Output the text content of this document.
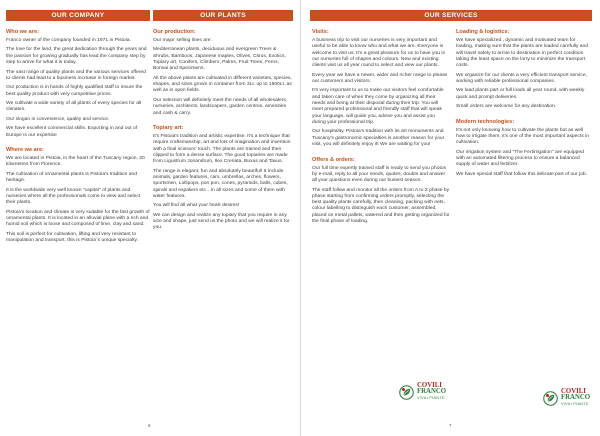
OUR COMPANY
Who we are:

Franco owner of the company founded in 1971 in Pistoia.

The love for the land, the great dedication through the years and the passion for growing gradually has lead the company step by step to arrive for what it is today.

The vast range of quality plants and the various services offered to clients had lead to a business increase in foreign market.

Our production is in hands of highly qualified staff to insure the best quality product with very competitive prices.

We cultivate a wide variety of all plants of every species for all climates.

Our slogan is convenience, quality and service.

We have excellent commercial skills. Exporting in and out of Europe is our expertise

Where we are:

We are located in Pistoia, in the heart of the Tuscany region, 20 kilometres from Florence.

The cultivation of ornamental plants is Pistoia's tradition and heritage.

It is the worldwide very well known "capital" of plants and nurseries where all the professionals come to view and select their plants.

Pistoia's location and climate is very suitable for the fast growth of ornamental plants. It is located in an alluvial plane with a rich and humid soil which is loose and composed of lime, clay and sand.

This soil is perfect for cultivation, lifting and very resistant to manipulation and transport, this is Pistoia`s unique specialty.

OUR PLANTS
Our production:

Our major selling lines are:

Mediterranean plants, deciduous and evergreen Trees & Shrubs, Bamboos, Japanese maples, Olives, Citrus, Exotics, Topiary art, Conifers, Climbers, Palms, Fruit Trees, Ferns, Bonsai and Specimens.

All the above plants are cultivated in different varieties, species, shapes, and sizes grown in container from 3Lt. up to 1500Lt. as well as in open fields.

Our selection will definitely meet the needs of all wholesalers, nurseries, architects, landscapers, garden centres, amenities and cash & carry.

Topiary art:

It's Pistoia's tradition and artistic expertise. It's a technique that require craftsmanship, art and lots of imagination and invention with a final scissors' touch. The plants are trained and then clipped to form a dense surface. The good topiaries are made from Ligustrum Jonandrum, Ilex Crenata, Buxus and Taxus.

The range is elegant, fun and absolutely beautiful! It include animals, garden features, cars, umbrellas, arches, flowers, sportsmen, Lollipops, pon pon, cones, pyramids, balls, cubes, spirals and espaliers etc…in all sizes and some of them with water features.

You will find all what your heart desires!

We can design and realize any topiary that you require in any size and shape, just send us the photo and we will realize it for you.

6
OUR SERVICES
Visits:

A business trip to visit our nurseries is very important and useful to be able to know who and what we are. Everyone is welcome to visit us. It's a great pleasure for us to have you in our nurseries full of shapes and colours. New and existing clients visit us all year round to select and view our plants.

Every year we have a newer, wider and richer range to please our customers and visitors.

It's very important to us to make our visitors feel comfortable and taken care of when they come by organizing all their needs and being at their disposal during their trip. You will meet prepared professional and friendly staff that will speak your language, will guide you, advise you and assist you during your professional trip.

Our hospitality, Pistoia's tradition with its art monuments and Tuscany's gastronomic specialties is another reason for your visit, you will definitely enjoy it! We are waiting for you!

Offers & orders:

Our full time expertly trained staff is ready to send you photos by e-mail, reply to all your needs, quotes, doubts and answer all your questions even during our busiest season.

The staff follow and monitor all the orders from A to Z phase by phase starting from confirming orders promptly, selecting the best quality plants carefully, then cleaning, packing with nets, colour labelling to distinguish each customer, assembled, placed on metal pallets, watered and then getting organized for the final phase of loading.

Loading & logistics:

We have specialized , dynamic and motivated team for loading, making sure that the plants are loaded carefully and will travel safely to arrive to destination in perfect condition taking the least space on the lorry to minimize the transport costs.

We organize for our clients a very efficient transport service, working with reliable professional companies.

We load plants part or full loads all year round, with weekly quick and prompt deliveries.

Small orders are welcome for any destination.

Modern technologies:

It's not only knowing how to cultivate the plants but as well how to irrigate them, it's one of the most important aspects in cultivation.

Our irrigation system and "The Fertirrigation" are equipped with an automated filtering process to ensure a balanced supply of water and fertilizer.

We have special staff that follow this delicate part of our job.

COVILI
FRANCO
VIVAI PIANTE
COVILI
FRANCO
VIVAI PIANTE
7
